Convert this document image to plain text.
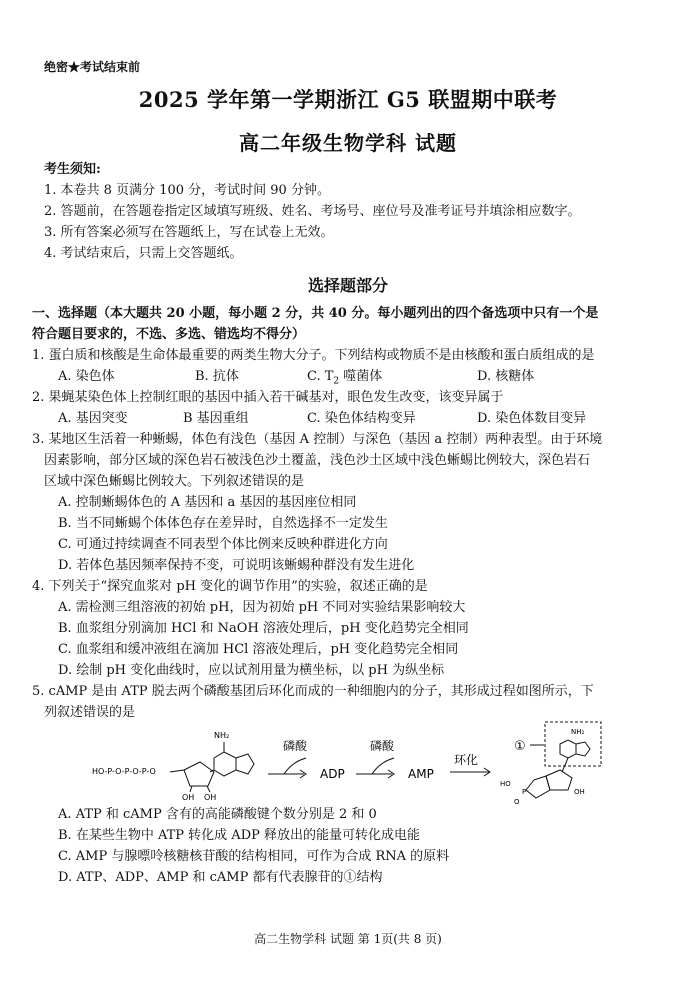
绝密★考试结束前
2025 学年第一学期浙江 G5 联盟期中联考
高二年级生物学科 试题
考生须知:
1. 本卷共 8 页满分 100 分，考试时间 90 分钟。
2. 答题前，在答题卷指定区域填写班级、姓名、考场号、座位号及准考证号并填涂相应数字。
3. 所有答案必须写在答题纸上，写在试卷上无效。
4. 考试结束后，只需上交答题纸。
选择题部分
一、选择题（本大题共 20 小题，每小题 2 分，共 40 分。每小题列出的四个备选项中只有一个是
符合题目要求的，不选、多选、错选均不得分）
1. 蛋白质和核酸是生命体最重要的两类生物大分子。下列结构或物质不是由核酸和蛋白质组成的是
A. 染色体	B. 抗体	C. $T_2$ 噬菌体	D. 核糖体
2. 果蝇某染色体上控制红眼的基因中插入若干碱基对，眼色发生改变，该变异属于
A. 基因突变	B 基因重组	C. 染色体结构变异	D. 染色体数目变异
3. 某地区生活着一种蜥蜴，体色有浅色（基因 A 控制）与深色（基因 a 控制）两种表型。由于环境
因素影响，部分区域的深色岩石被浅色沙土覆盖，浅色沙土区域中浅色蜥蜴比例较大，深色岩石
区域中深色蜥蜴比例较大。下列叙述错误的是
A. 控制蜥蜴体色的 A 基因和 a 基因的基因座位相同
B. 当不同蜥蜴个体体色存在差异时，自然选择不一定发生
C. 可通过持续调查不同表型个体比例来反映种群进化方向
D. 若体色基因频率保持不变，可说明该蜥蜴种群没有发生进化
4. 下列关于“探究血浆对 pH 变化的调节作用”的实验，叙述正确的是
A. 需检测三组溶液的初始 pH，因为初始 pH 不同对实验结果影响较大
B. 血浆组分别滴加 HCl 和 NaOH 溶液处理后，pH 变化趋势完全相同
C. 血浆组和缓冲液组在滴加 HCl 溶液处理后，pH 变化趋势完全相同
D. 绘制 pH 变化曲线时，应以试剂用量为横坐标，以 pH 为纵坐标
5. cAMP 是由 ATP 脱去两个磷酸基团后环化而成的一种细胞内的分子，其形成过程如图所示，下
列叙述错误的是
HO-P-O-P-O-P-O
OH OH
NH₂
磷酸
ADP
磷酸
AMP
环化
①
NH₂
OH
HO
P
O
A. ATP 和 cAMP 含有的高能磷酸键个数分别是 2 和 0
B. 在某些生物中 ATP 转化成 ADP 释放出的能量可转化成电能
C. AMP 与腺嘌呤核糖核苷酸的结构相同，可作为合成 RNA 的原料
D. ATP、ADP、AMP 和 cAMP 都有代表腺苷的①结构
高二生物学科 试题 第 1页(共 8 页)
